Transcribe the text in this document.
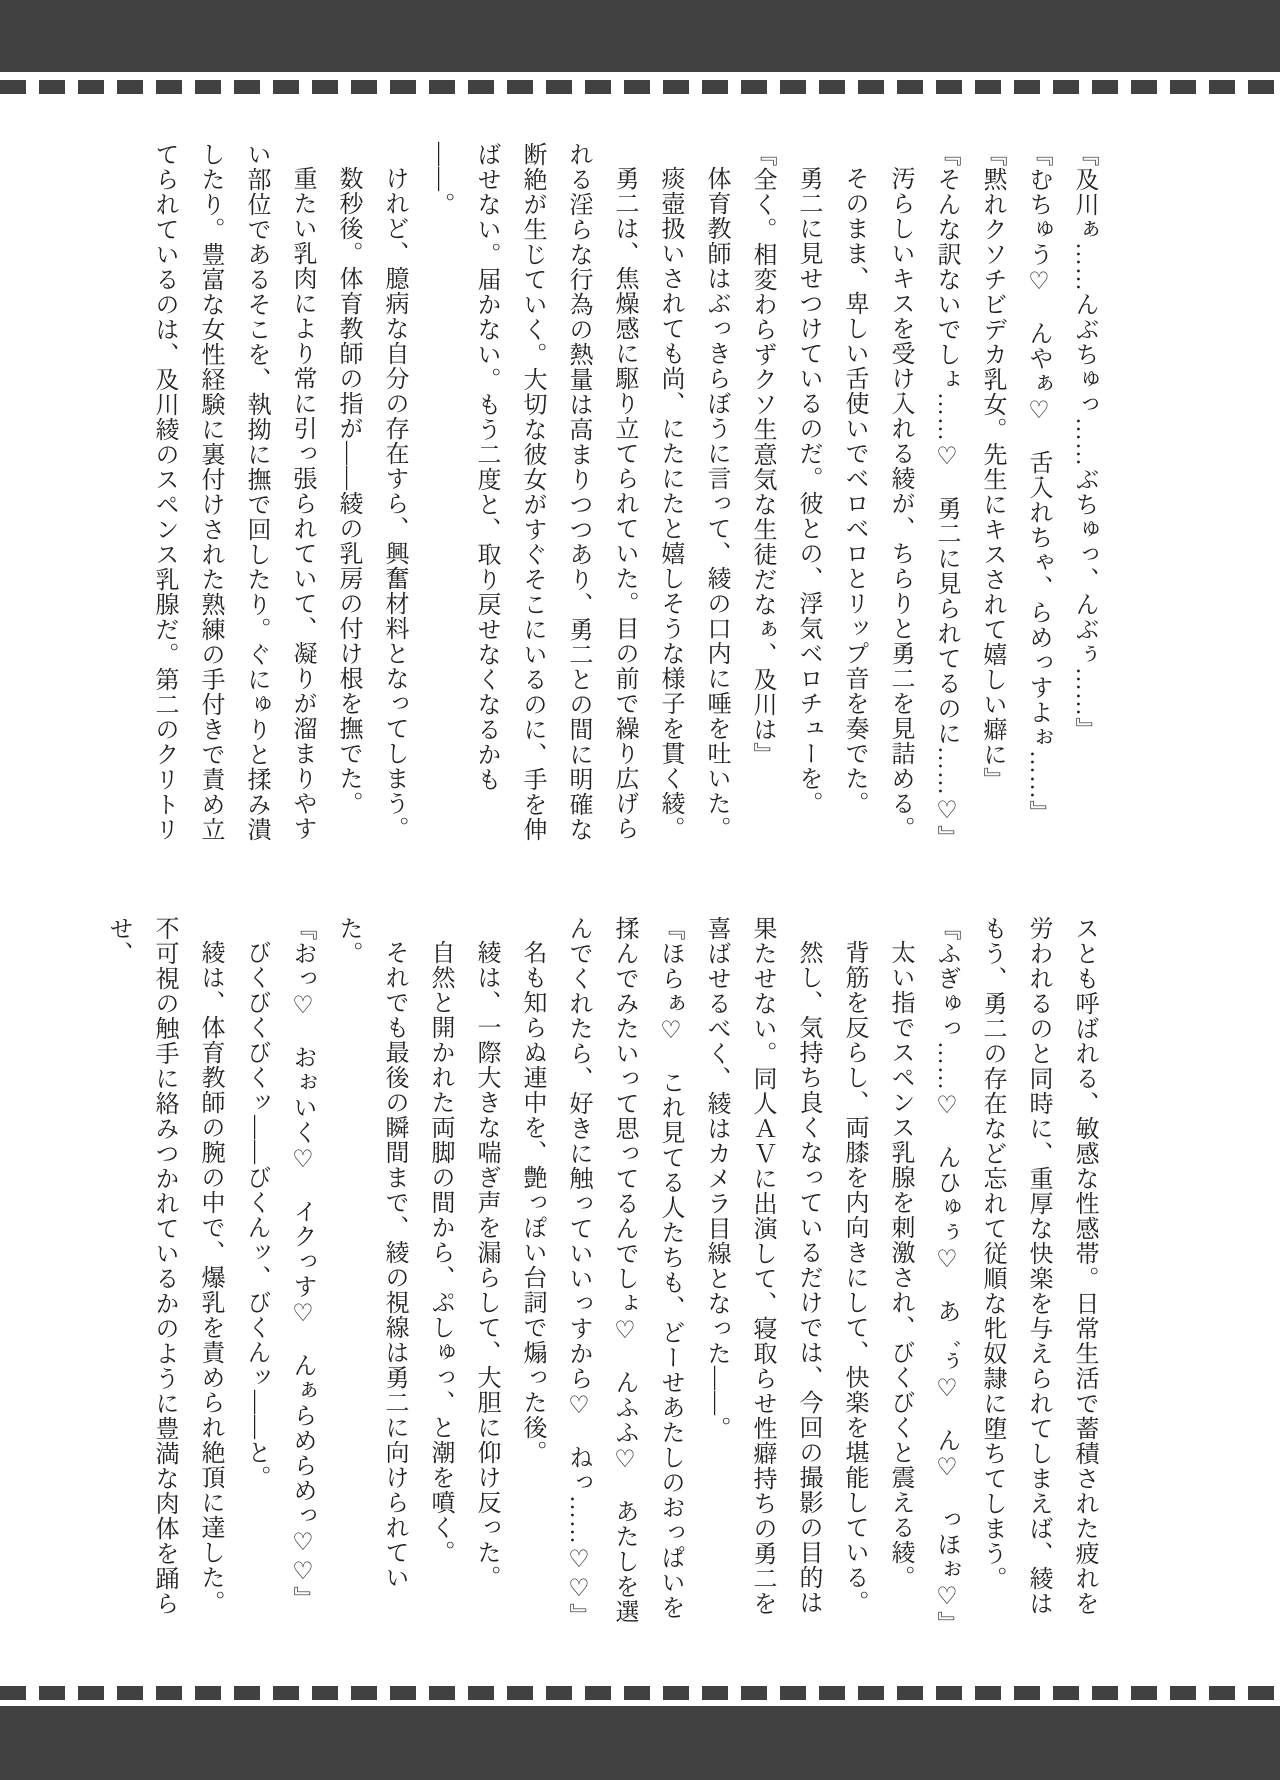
『及川ぁ……んぶちゅっ……ぶちゅっ、んぶぅ……』

『むちゅう♡　んやぁ♡　舌入れちゃ、らめっすよぉ……』

『黙れクソチビデカ乳女。先生にキスされて嬉しい癖に』

『そんな訳ないでしょ……♡　勇二に見られてるのに……♡』

汚らしいキスを受け入れる綾が、ちらりと勇二を見詰める。

そのまま、卑しい舌使いでベロベロとリップ音を奏でた。

勇二に見せつけているのだ。彼との、浮気ベロチューを。

『全く。相変わらずクソ生意気な生徒だなぁ、及川は』

体育教師はぶっきらぼうに言って、綾の口内に唾を吐いた。

痰壺扱いされても尚、にたにたと嬉しそうな様子を貫く綾。

勇二は、焦燥感に駆り立てられていた。目の前で繰り広げられる淫らな行為の熱量は高まりつつあり、勇二との間に明確な断絶が生じていく。大切な彼女がすぐそこにいるのに、手を伸ばせない。届かない。もう二度と、取り戻せなくなるかも――。

けれど、臆病な自分の存在すら、興奮材料となってしまう。

数秒後。体育教師の指が――綾の乳房の付け根を撫でた。

重たい乳肉により常に引っ張られていて、凝りが溜まりやすい部位であるそこを、執拗に撫で回したり。ぐにゅりと揉み潰したり。豊富な女性経験に裏付けされた熟練の手付きで責め立てられているのは、及川綾のスペンス乳腺だ。第二のクリトリ

スとも呼ばれる、敏感な性感帯。日常生活で蓄積された疲れを労われるのと同時に、重厚な快楽を与えられてしまえば、綾はもう、勇二の存在など忘れて従順な牝奴隷に堕ちてしまう。

『ふぎゅっ……♡　んひゅぅ♡　あ゛ぅ♡　ん♡　っほぉ♡』

太い指でスペンス乳腺を刺激され、びくびくと震える綾。

背筋を反らし、両膝を内向きにして、快楽を堪能している。

然し、気持ち良くなっているだけでは、今回の撮影の目的は果たせない。同人ＡＶに出演して、寝取らせ性癖持ちの勇二を喜ばせるべく、綾はカメラ目線となった――。

『ほらぁ♡　これ見てる人たちも、どーせあたしのおっぱいを揉んでみたいって思ってるんでしょ♡　んふふ♡　あたしを選んでくれたら、好きに触っていいっすから♡　ねっ……♡♡』

名も知らぬ連中を、艶っぽい台詞で煽った後。

綾は、一際大きな喘ぎ声を漏らして、大胆に仰け反った。

自然と開かれた両脚の間から、ぷしゅっ、と潮を噴く。

それでも最後の瞬間まで、綾の視線は勇二に向けられていた。

『おっ♡　おぉいく♡　イクっす♡　んぁらめらめっ♡♡』

びくびくびくッ――びくんッ、びくんッ――と。

綾は、体育教師の腕の中で、爆乳を責められ絶頂に達した。不可視の触手に絡みつかれているかのように豊満な肉体を踊らせ、
